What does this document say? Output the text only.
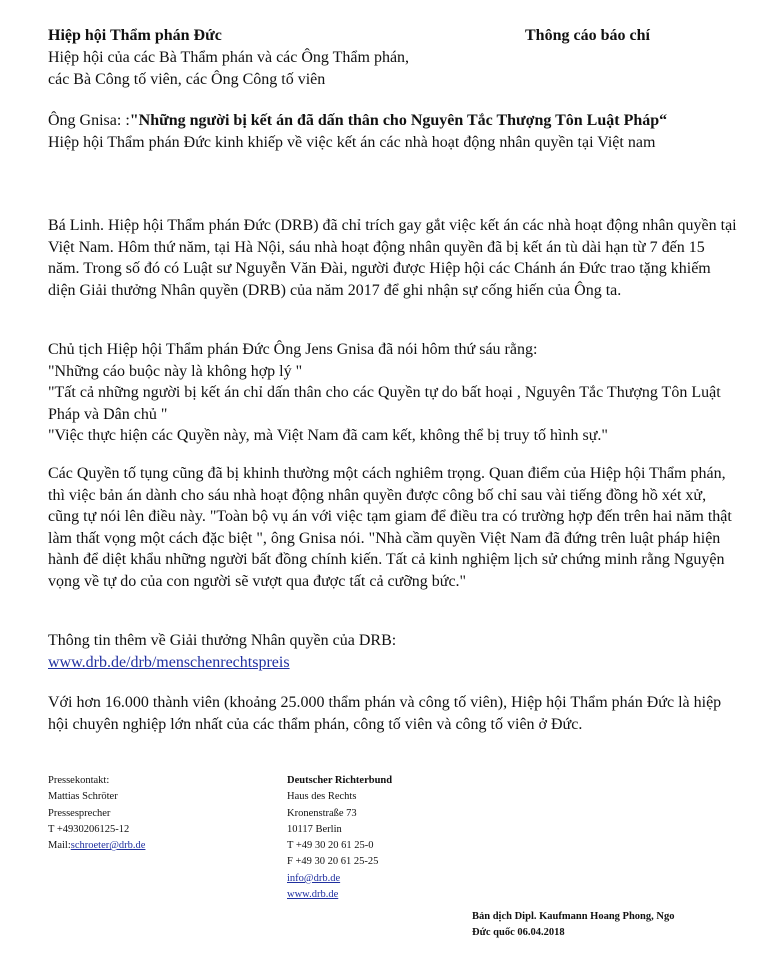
Hiệp hội Thẩm phán Đức	Thông cáo báo chí

Hiệp hội của các Bà Thẩm phán và các Ông Thẩm phán,

các Bà Công tố viên, các Ông Công tố viên

Ông Gnisa: :"Những người bị kết án đã dấn thân cho Nguyên Tắc Thượng Tôn Luật Pháp“

Hiệp hội Thẩm phán Đức kinh khiếp về việc kết án các nhà hoạt động nhân quyền tại Việt nam

Bá Linh. Hiệp hội Thẩm phán Đức (DRB) đã chỉ trích gay gắt việc kết án các nhà hoạt động nhân quyền tại Việt Nam. Hôm thứ năm, tại Hà Nội, sáu nhà hoạt động nhân quyền đã bị kết án tù dài hạn từ 7 đến 15 năm. Trong số đó có Luật sư Nguyễn Văn Đài, người được Hiệp hội các Chánh án Đức trao tặng khiếm diện Giải thưởng Nhân quyền (DRB) của năm 2017 để ghi nhận sự cống hiến của Ông ta.

Chủ tịch Hiệp hội Thẩm phán Đức Ông Jens Gnisa đã nói hôm thứ sáu rằng:

"Những cáo buộc này là không hợp lý "

"Tất cả những người bị kết án chỉ dấn thân cho các Quyền tự do bất hoại , Nguyên Tắc Thượng Tôn Luật Pháp và Dân chủ "

"Việc thực hiện các Quyền này, mà Việt Nam đã cam kết, không thể bị truy tố hình sự."

Các Quyền tố tụng cũng đã bị khinh thường một cách nghiêm trọng. Quan điểm của Hiệp hội Thẩm phán, thì việc bản án dành cho sáu nhà hoạt động nhân quyền được công bố chỉ sau vài tiếng đồng hồ xét xử, cũng tự nói lên điều này. "Toàn bộ vụ án với việc tạm giam để điều tra có trường hợp đến trên hai năm thật làm thất vọng một cách đặc biệt ", ông Gnisa nói. "Nhà cầm quyền Việt Nam đã đứng trên luật pháp hiện hành để diệt khẩu những người bất đồng chính kiến. Tất cả kinh nghiệm lịch sử chứng minh rằng Nguyện vọng về tự do của con người sẽ vượt qua được tất cả cưỡng bức."

Thông tin thêm về Giải thưởng Nhân quyền của DRB:

www.drb.de/drb/menschenrechtspreis

Với hơn 16.000 thành viên (khoảng 25.000 thẩm phán và công tố viên), Hiệp hội Thẩm phán Đức là hiệp hội chuyên nghiệp lớn nhất của các thẩm phán, công tố viên và công tố viên ở Đức.

Pressekontakt:

Mattias Schröter

Pressesprecher

T +4930206125-12

Mail:schroeter@drb.de

Deutscher Richterbund

Haus des Rechts

Kronenstraße 73

10117 Berlin

T +49 30 20 61 25-0

F +49 30 20 61 25-25

info@drb.de

www.drb.de

Bản dịch Dipl. Kaufmann Hoang Phong, Ngo

Đức quốc 06.04.2018
